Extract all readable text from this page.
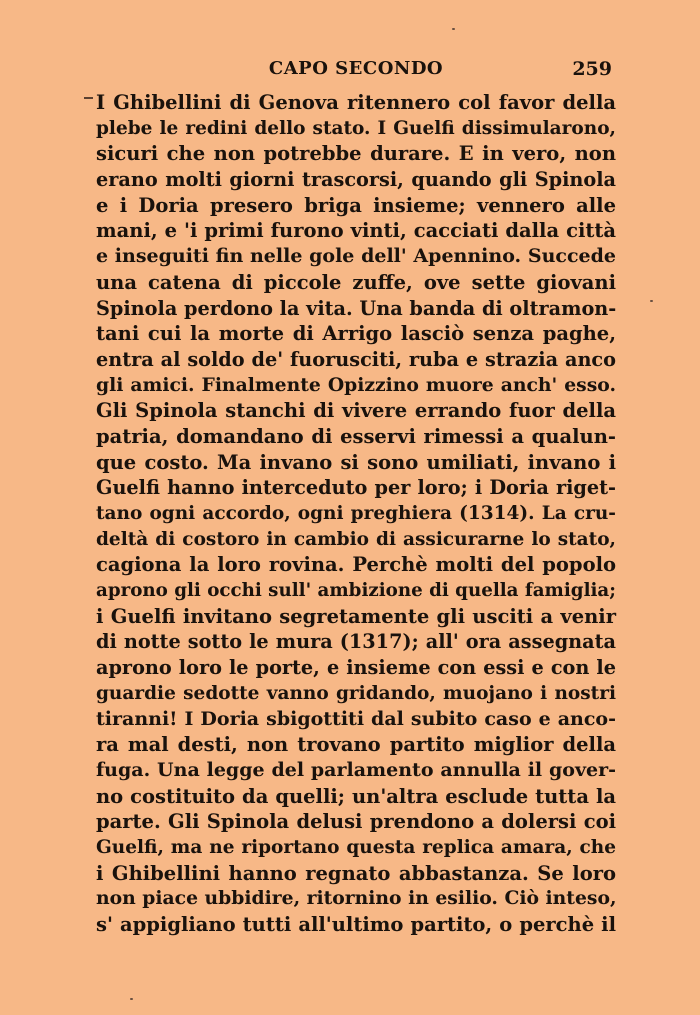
CAPO SECONDO	259
I Ghibellini di Genova ritennero col favor della
plebe le redini dello stato. I Guelfi dissimularono,
sicuri che non potrebbe durare. E in vero, non
erano molti giorni trascorsi, quando gli Spinola
e i Doria presero briga insieme; vennero alle
mani, e 'i primi furono vinti, cacciati dalla città
e inseguiti fin nelle gole dell' Apennino. Succede
una catena di piccole zuffe, ove sette giovani
Spinola perdono la vita. Una banda di oltramon-
tani cui la morte di Arrigo lasciò senza paghe,
entra al soldo de' fuorusciti, ruba e strazia anco
gli amici. Finalmente Opizzino muore anch' esso.
Gli Spinola stanchi di vivere errando fuor della
patria, domandano di esservi rimessi a qualun-
que costo. Ma invano si sono umiliati, invano i
Guelfi hanno interceduto per loro; i Doria riget-
tano ogni accordo, ogni preghiera (1314). La cru-
deltà di costoro in cambio di assicurarne lo stato,
cagiona la loro rovina. Perchè molti del popolo
aprono gli occhi sull' ambizione di quella famiglia;
i Guelfi invitano segretamente gli usciti a venir
di notte sotto le mura (1317); all' ora assegnata
aprono loro le porte, e insieme con essi e con le
guardie sedotte vanno gridando, muojano i nostri
tiranni! I Doria sbigottiti dal subito caso e anco-
ra mal desti, non trovano partito miglior della
fuga. Una legge del parlamento annulla il gover-
no costituito da quelli; un'altra esclude tutta la
parte. Gli Spinola delusi prendono a dolersi coi
Guelfi, ma ne riportano questa replica amara, che
i Ghibellini hanno regnato abbastanza. Se loro
non piace ubbidire, ritornino in esilio. Ciò inteso,
s' appigliano tutti all'ultimo partito, o perchè il
